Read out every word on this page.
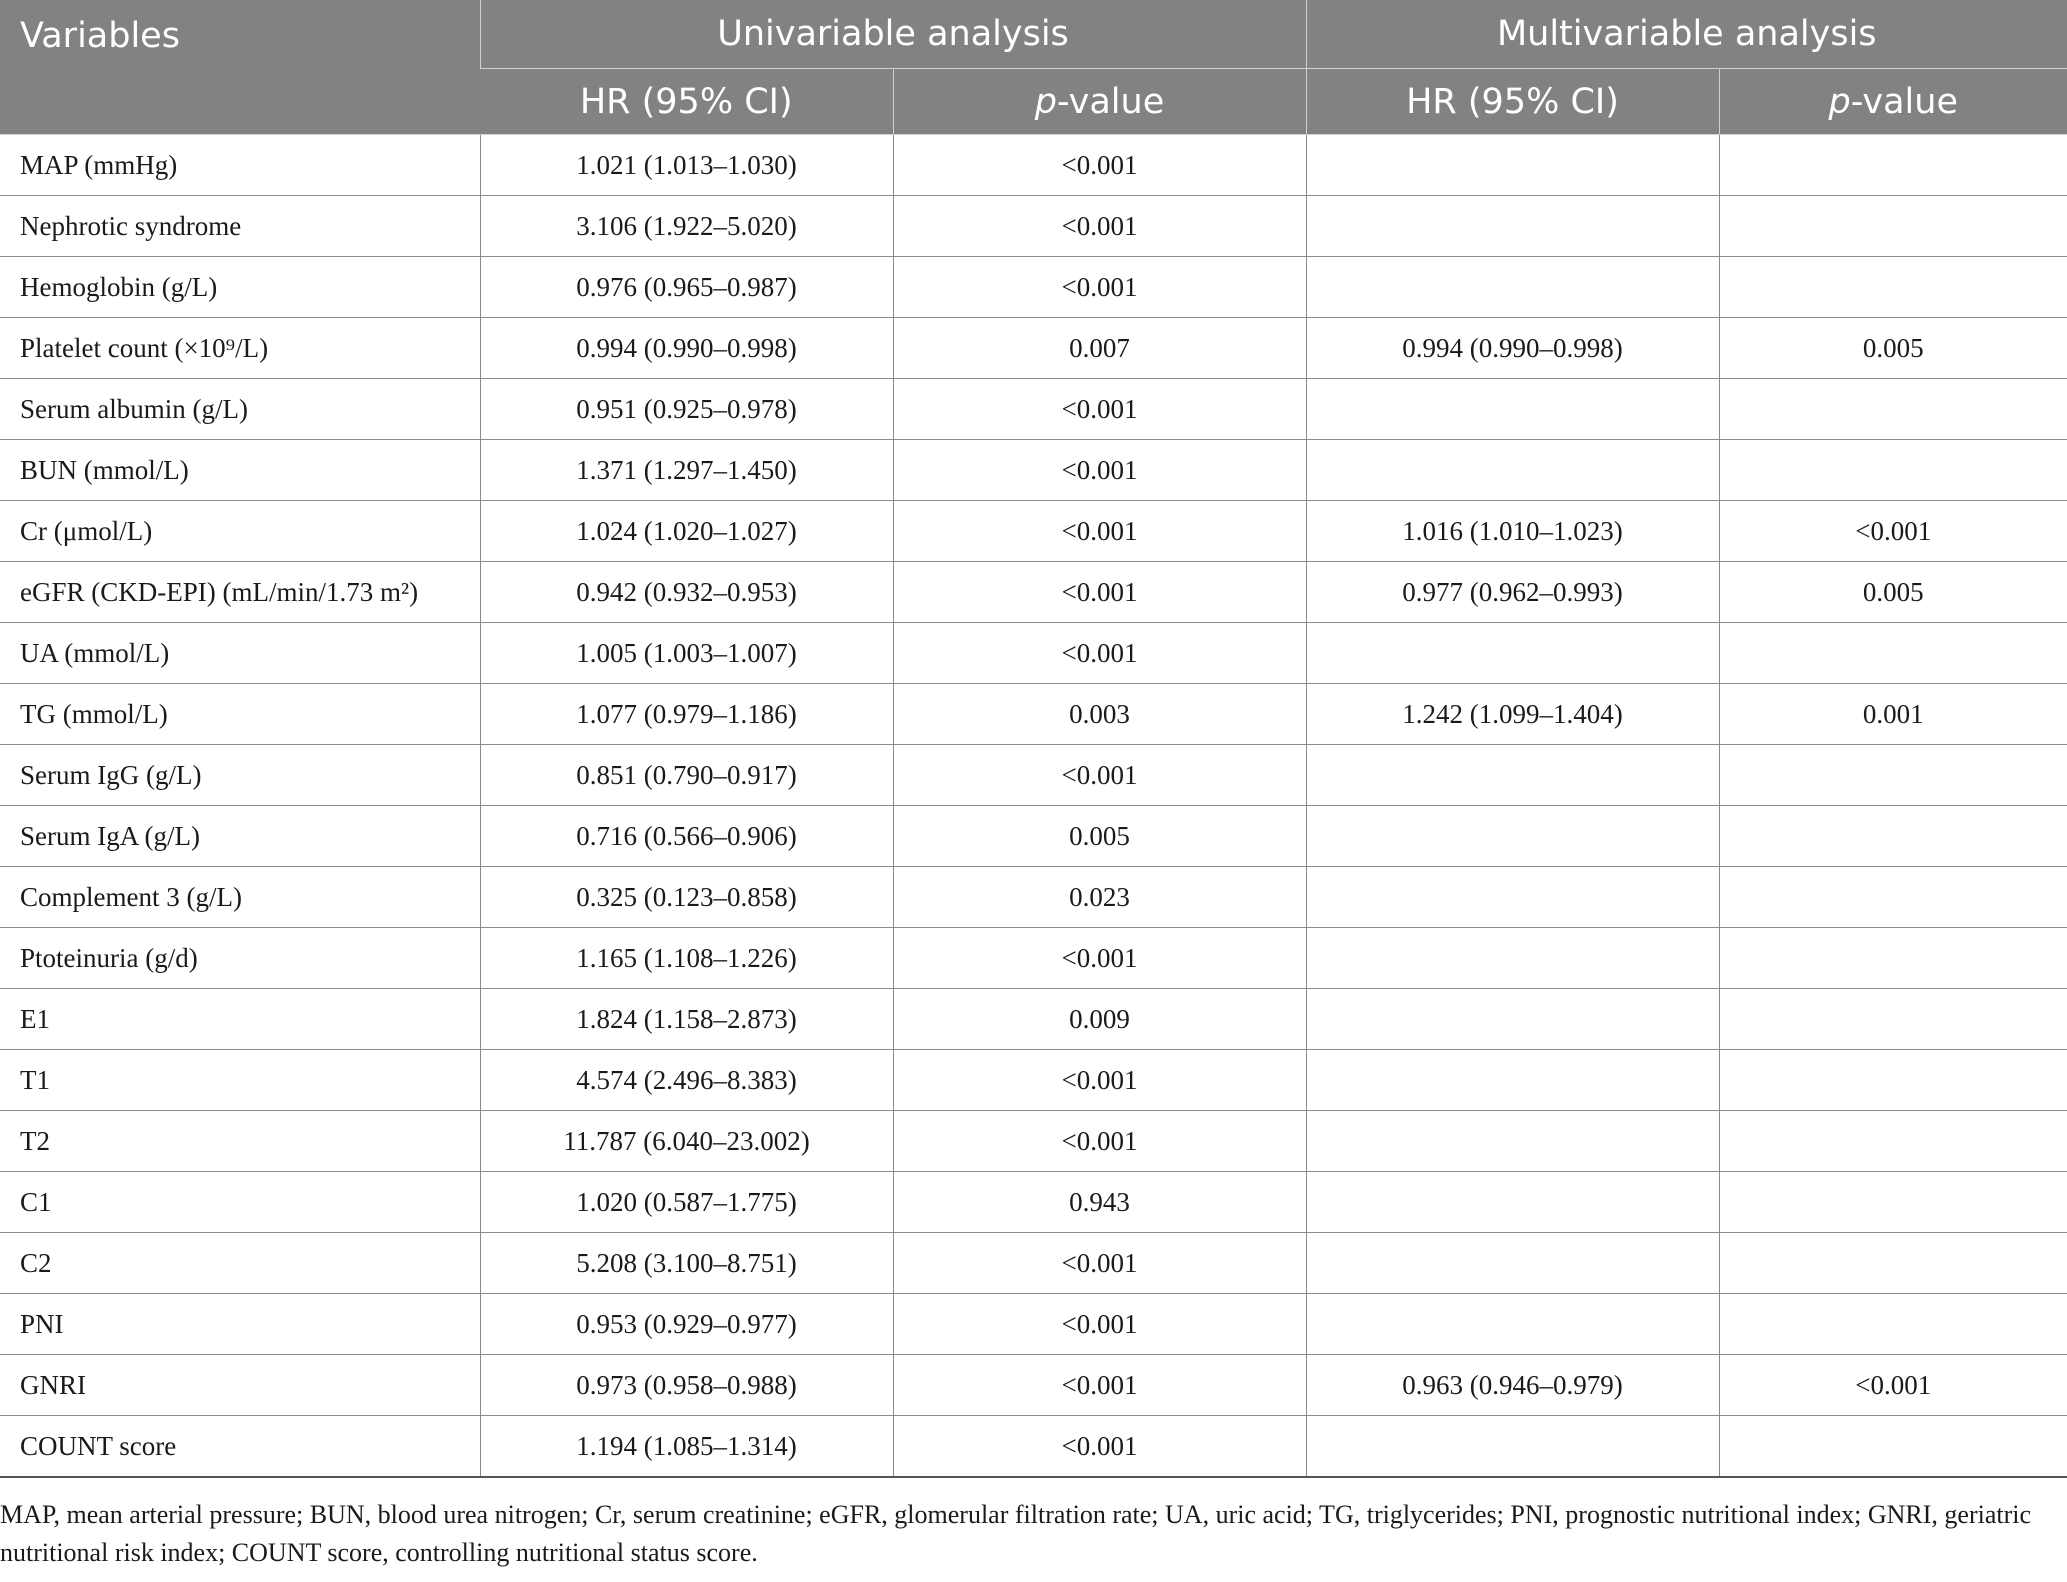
Variables	Univariable analysis		Multivariable analysis	
	HR (95% CI)	p-value	HR (95% CI)	p-value
MAP (mmHg)	1.021 (1.013–1.030)	<0.001		
Nephrotic syndrome	3.106 (1.922–5.020)	<0.001		
Hemoglobin (g/L)	0.976 (0.965–0.987)	<0.001		
Platelet count (×10⁹/L)	0.994 (0.990–0.998)	0.007	0.994 (0.990–0.998)	0.005
Serum albumin (g/L)	0.951 (0.925–0.978)	<0.001		
BUN (mmol/L)	1.371 (1.297–1.450)	<0.001		
Cr (μmol/L)	1.024 (1.020–1.027)	<0.001	1.016 (1.010–1.023)	<0.001
eGFR (CKD-EPI) (mL/min/1.73 m²)	0.942 (0.932–0.953)	<0.001	0.977 (0.962–0.993)	0.005
UA (mmol/L)	1.005 (1.003–1.007)	<0.001		
TG (mmol/L)	1.077 (0.979–1.186)	0.003	1.242 (1.099–1.404)	0.001
Serum IgG (g/L)	0.851 (0.790–0.917)	<0.001		
Serum IgA (g/L)	0.716 (0.566–0.906)	0.005		
Complement 3 (g/L)	0.325 (0.123–0.858)	0.023		
Ptoteinuria (g/d)	1.165 (1.108–1.226)	<0.001		
E1	1.824 (1.158–2.873)	0.009		
T1	4.574 (2.496–8.383)	<0.001		
T2	11.787 (6.040–23.002)	<0.001		
C1	1.020 (0.587–1.775)	0.943		
C2	5.208 (3.100–8.751)	<0.001		
PNI	0.953 (0.929–0.977)	<0.001		
GNRI	0.973 (0.958–0.988)	<0.001	0.963 (0.946–0.979)	<0.001
COUNT score	1.194 (1.085–1.314)	<0.001		

MAP, mean arterial pressure; BUN, blood urea nitrogen; Cr, serum creatinine; eGFR, glomerular filtration rate; UA, uric acid; TG, triglycerides; PNI, prognostic nutritional index; GNRI, geriatric nutritional risk index; COUNT score, controlling nutritional status score.
